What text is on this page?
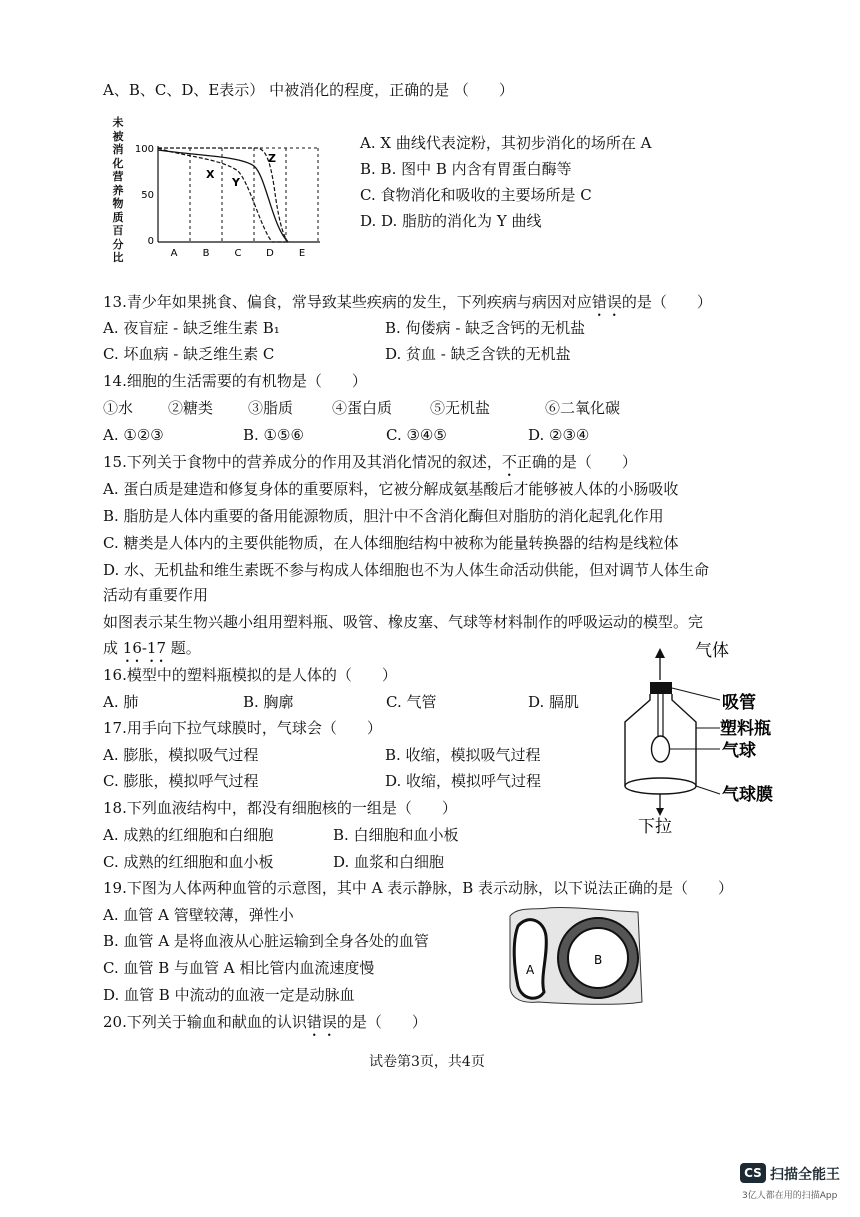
A、B、C、D、E表示） 中被消化的程度，正确的是 （　　）
未
被
消
化
营
养
物
质
百
分
比
100
50
0
A	B	C D E
X
Y
Z
A. X 曲线代表淀粉，其初步消化的场所在 A
B. B. 图中 B 内含有胃蛋白酶等
C. 食物消化和吸收的主要场所是 C
D. D. 脂肪的消化为 Y 曲线
13.青少年如果挑食、偏食，常导致某些疾病的发生，下列疾病与病因对应错误的是（　　）
A. 夜盲症 - 缺乏维生素 B₁	B. 佝偻病 - 缺乏含钙的无机盐
C. 坏血病 - 缺乏维生素 C	D. 贫血 - 缺乏含铁的无机盐
14.细胞的生活需要的有机物是（　　）
①水 ②糖类 ③脂质	④蛋白质	⑤无机盐	⑥二氧化碳
A. ①②③	B. ①⑤⑥	C. ③④⑤	D. ②③④
15.下列关于食物中的营养成分的作用及其消化情况的叙述，不正确的是（　　）
A. 蛋白质是建造和修复身体的重要原料，它被分解成氨基酸后才能够被人体的小肠吸收
B. 脂肪是人体内重要的备用能源物质，胆汁中不含消化酶但对脂肪的消化起乳化作用
C. 糖类是人体内的主要供能物质，在人体细胞结构中被称为能量转换器的结构是线粒体
D. 水、无机盐和维生素既不参与构成人体细胞也不为人体生命活动供能，但对调节人体生命
活动有重要作用
如图表示某生物兴趣小组用塑料瓶、吸管、橡皮塞、气球等材料制作的呼吸运动的模型。完
成 16-17 题。
16.模型中的塑料瓶模拟的是人体的（　　）
A. 肺	B. 胸廓	C. 气管	D. 膈肌
17.用手向下拉气球膜时，气球会（　　）
A. 膨胀，模拟吸气过程	B. 收缩，模拟吸气过程
C. 膨胀，模拟呼气过程	D. 收缩，模拟呼气过程
气体
下拉
吸管
塑料瓶
气球
气球膜
18.下列血液结构中，都没有细胞核的一组是（　　）
A. 成熟的红细胞和白细胞	B. 白细胞和血小板
C. 成熟的红细胞和血小板	D. 血浆和白细胞
19.下图为人体两种血管的示意图，其中 A 表示静脉，B 表示动脉，以下说法正确的是（　　）
A. 血管 A 管壁较薄，弹性小
B. 血管 A 是将血液从心脏运输到全身各处的血管
C. 血管 B 与血管 A 相比管内血流速度慢
D. 血管 B 中流动的血液一定是动脉血
A
B
20.下列关于输血和献血的认识错误的是（　　）
试卷第3页，共4页
CS 扫描全能王
3亿人都在用的扫描App
